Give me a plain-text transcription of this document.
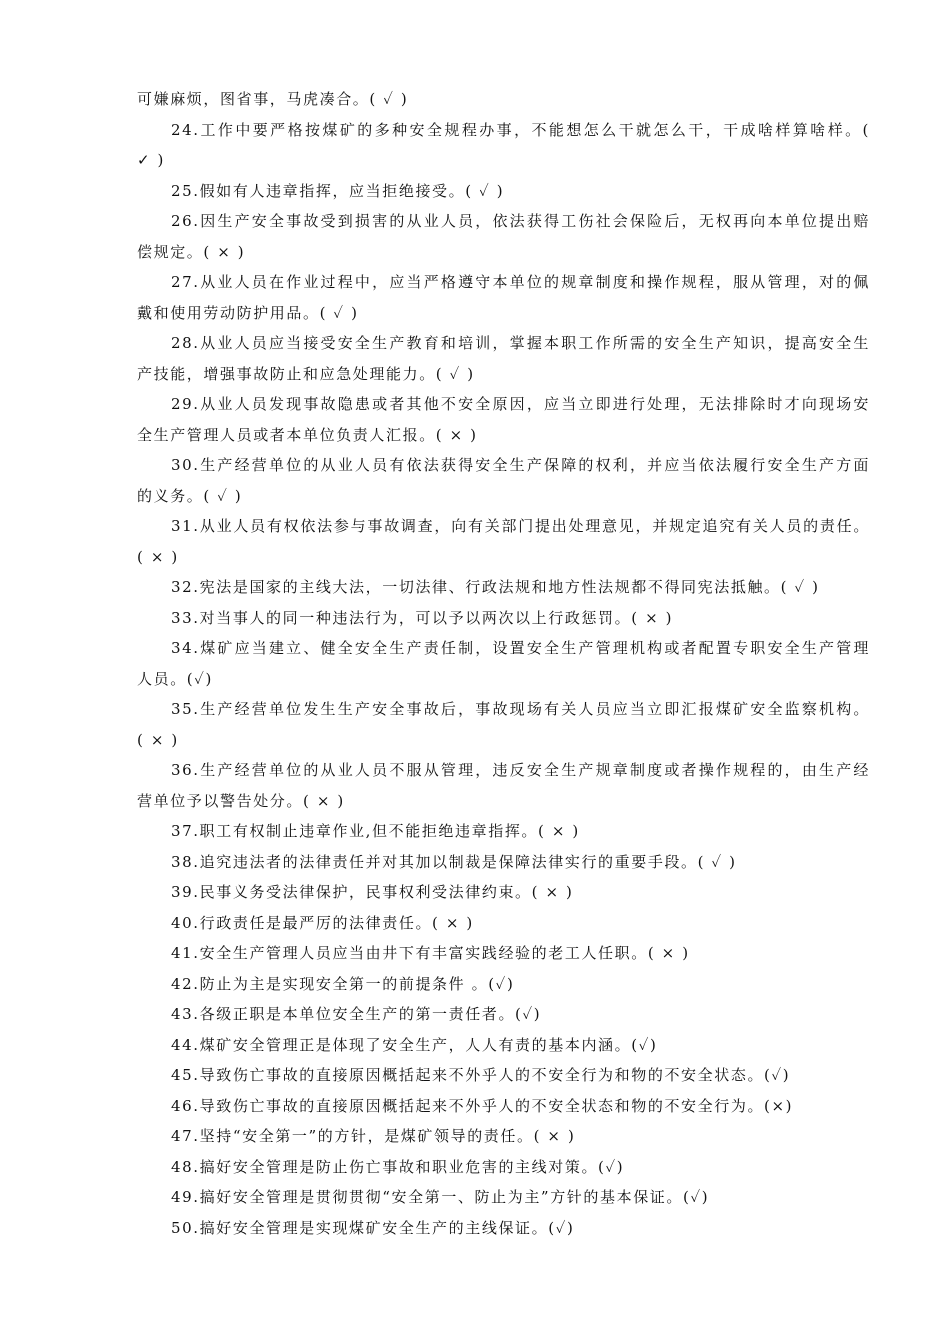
可嫌麻烦，图省事，马虎凑合。( ✓ )
24.工作中要严格按煤矿的多种安全规程办事，不能想怎么干就怎么干，干成啥样算啥样。(
✓ )
25.假如有人违章指挥，应当拒绝接受。( ✓ )
26.因生产安全事故受到损害的从业人员，依法获得工伤社会保险后，无权再向本单位提出赔
偿规定。( × )
27.从业人员在作业过程中，应当严格遵守本单位的规章制度和操作规程，服从管理，对的佩
戴和使用劳动防护用品。( ✓ )
28.从业人员应当接受安全生产教育和培训，掌握本职工作所需的安全生产知识，提高安全生
产技能，增强事故防止和应急处理能力。( ✓ )
29.从业人员发现事故隐患或者其他不安全原因，应当立即进行处理，无法排除时才向现场安
全生产管理人员或者本单位负责人汇报。( × )
30.生产经营单位的从业人员有依法获得安全生产保障的权利，并应当依法履行安全生产方面
的义务。( ✓ )
31.从业人员有权依法参与事故调查，向有关部门提出处理意见，并规定追究有关人员的责任。
( × )
32.宪法是国家的主线大法，一切法律、行政法规和地方性法规都不得同宪法抵触。( ✓ )
33.对当事人的同一种违法行为，可以予以两次以上行政惩罚。( × )
34.煤矿应当建立、健全安全生产责任制，设置安全生产管理机构或者配置专职安全生产管理
人员。(✓)
35.生产经营单位发生生产安全事故后，事故现场有关人员应当立即汇报煤矿安全监察机构。
( × )
36.生产经营单位的从业人员不服从管理，违反安全生产规章制度或者操作规程的，由生产经
营单位予以警告处分。( × )
37.职工有权制止违章作业,但不能拒绝违章指挥。( × )
38.追究违法者的法律责任并对其加以制裁是保障法律实行的重要手段。( ✓ )
39.民事义务受法律保护，民事权利受法律约束。( × )
40.行政责任是最严厉的法律责任。( × )
41.安全生产管理人员应当由井下有丰富实践经验的老工人任职。( × )
42.防止为主是实现安全第一的前提条件 。(✓)
43.各级正职是本单位安全生产的第一责任者。(✓)
44.煤矿安全管理正是体现了安全生产，人人有责的基本内涵。(✓)
45.导致伤亡事故的直接原因概括起来不外乎人的不安全行为和物的不安全状态。(✓)
46.导致伤亡事故的直接原因概括起来不外乎人的不安全状态和物的不安全行为。(×)
47.坚持“安全第一”的方针，是煤矿领导的责任。( × )
48.搞好安全管理是防止伤亡事故和职业危害的主线对策。(✓)
49.搞好安全管理是贯彻贯彻“安全第一、防止为主”方针的基本保证。(✓)
50.搞好安全管理是实现煤矿安全生产的主线保证。(✓)
